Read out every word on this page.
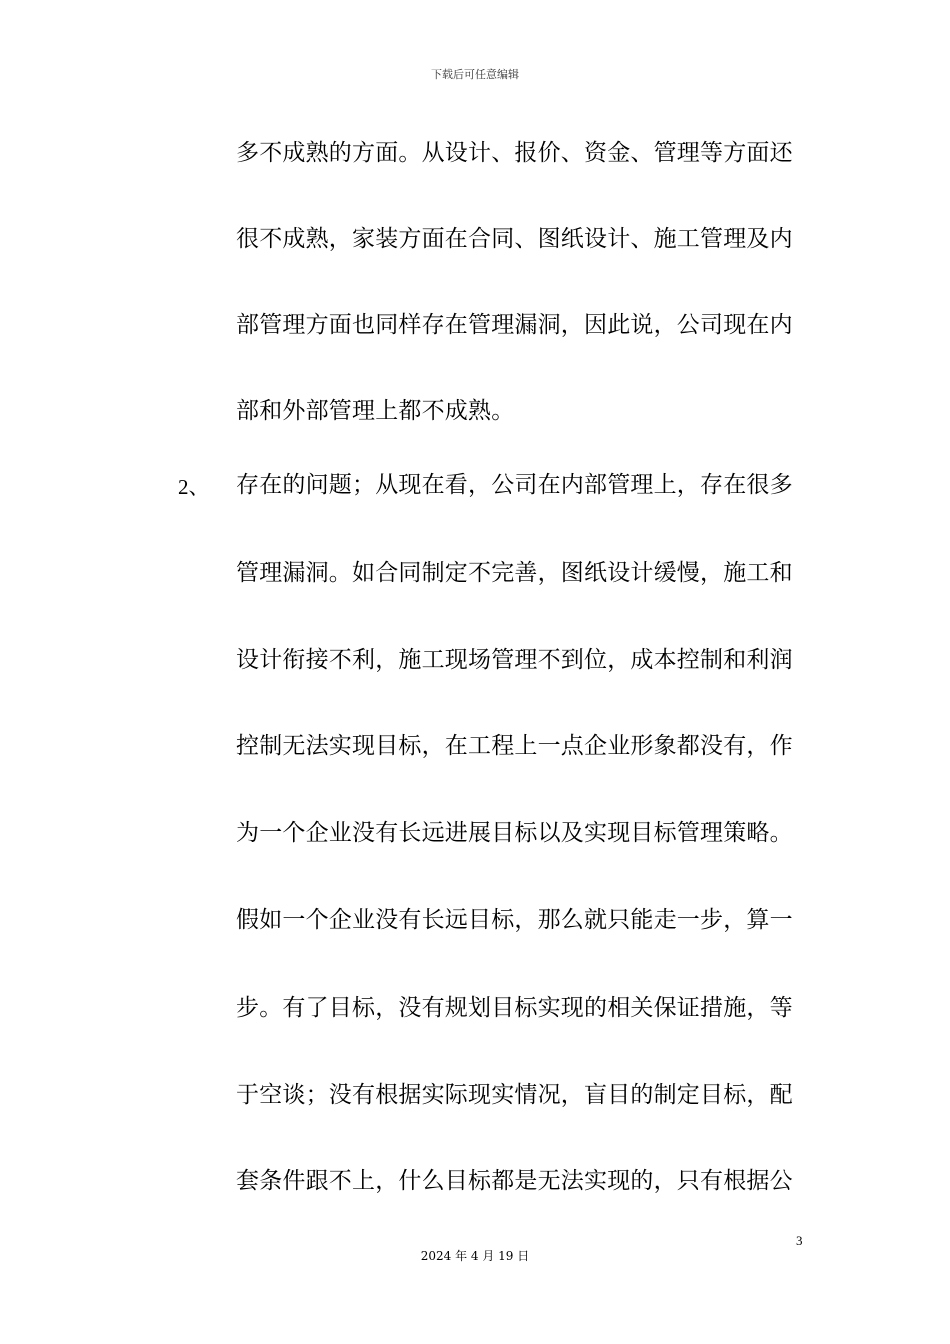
下载后可任意编辑
2、
多不成熟的方面。从设计、报价、资金、管理等方面还
很不成熟，家装方面在合同、图纸设计、施工管理及内
部管理方面也同样存在管理漏洞，因此说，公司现在内
部和外部管理上都不成熟。
存在的问题；从现在看，公司在内部管理上，存在很多
管理漏洞。如合同制定不完善，图纸设计缓慢，施工和
设计衔接不利，施工现场管理不到位，成本控制和利润
控制无法实现目标，在工程上一点企业形象都没有，作
为一个企业没有长远进展目标以及实现目标管理策略。
假如一个企业没有长远目标，那么就只能走一步，算一
步。有了目标，没有规划目标实现的相关保证措施，等
于空谈；没有根据实际现实情况，盲目的制定目标，配
套条件跟不上，什么目标都是无法实现的，只有根据公
3
2024 年 4 月 19 日
